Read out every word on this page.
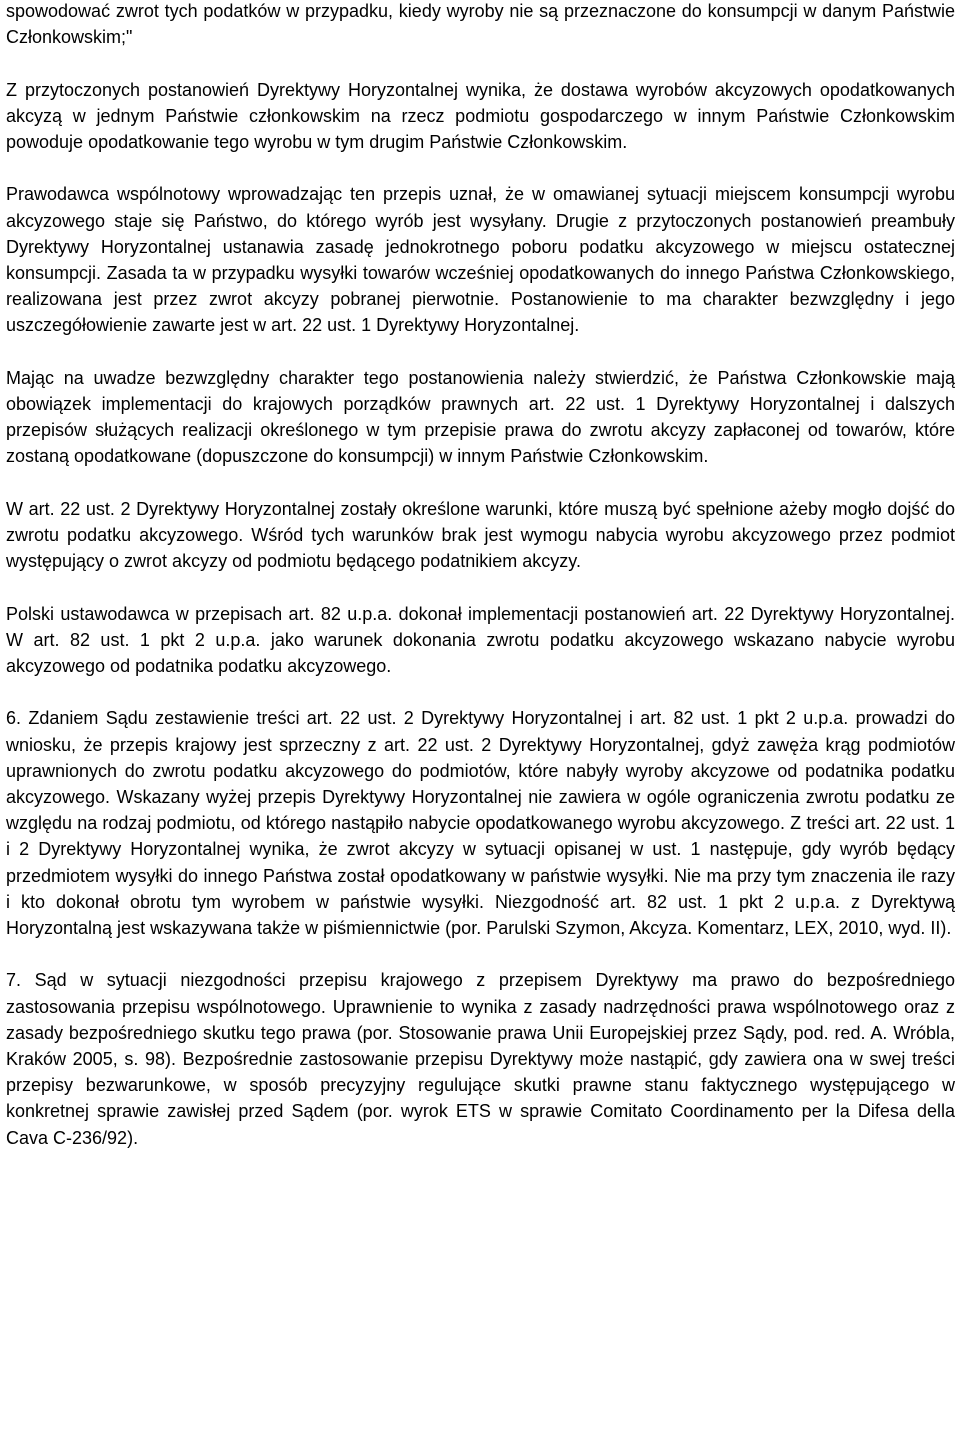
spowodować zwrot tych podatków w przypadku, kiedy wyroby nie są przeznaczone do konsumpcji w danym Państwie Członkowskim;"

Z przytoczonych postanowień Dyrektywy Horyzontalnej wynika, że dostawa wyrobów akcyzowych opodatkowanych akcyzą w jednym Państwie członkowskim na rzecz podmiotu gospodarczego w innym Państwie Członkowskim powoduje opodatkowanie tego wyrobu w tym drugim Państwie Członkowskim.

Prawodawca wspólnotowy wprowadzając ten przepis uznał, że w omawianej sytuacji miejscem konsumpcji wyrobu akcyzowego staje się Państwo, do którego wyrób jest wysyłany. Drugie z przytoczonych postanowień preambuły Dyrektywy Horyzontalnej ustanawia zasadę jednokrotnego poboru podatku akcyzowego w miejscu ostatecznej konsumpcji. Zasada ta w przypadku wysyłki towarów wcześniej opodatkowanych do innego Państwa Członkowskiego, realizowana jest przez zwrot akcyzy pobranej pierwotnie. Postanowienie to ma charakter bezwzględny i jego uszczegółowienie zawarte jest w art. 22 ust. 1 Dyrektywy Horyzontalnej.

Mając na uwadze bezwzględny charakter tego postanowienia należy stwierdzić, że Państwa Członkowskie mają obowiązek implementacji do krajowych porządków prawnych art. 22 ust. 1 Dyrektywy Horyzontalnej i dalszych przepisów służących realizacji określonego w tym przepisie prawa do zwrotu akcyzy zapłaconej od towarów, które zostaną opodatkowane (dopuszczone do konsumpcji) w innym Państwie Członkowskim.

W art. 22 ust. 2 Dyrektywy Horyzontalnej zostały określone warunki, które muszą być spełnione ażeby mogło dojść do zwrotu podatku akcyzowego. Wśród tych warunków brak jest wymogu nabycia wyrobu akcyzowego przez podmiot występujący o zwrot akcyzy od podmiotu będącego podatnikiem akcyzy.

Polski ustawodawca w przepisach art. 82 u.p.a. dokonał implementacji postanowień art. 22 Dyrektywy Horyzontalnej. W art. 82 ust. 1 pkt 2 u.p.a. jako warunek dokonania zwrotu podatku akcyzowego wskazano nabycie wyrobu akcyzowego od podatnika podatku akcyzowego.

6. Zdaniem Sądu zestawienie treści art. 22 ust. 2 Dyrektywy Horyzontalnej i art. 82 ust. 1 pkt 2 u.p.a. prowadzi do wniosku, że przepis krajowy jest sprzeczny z art. 22 ust. 2 Dyrektywy Horyzontalnej, gdyż zawęża krąg podmiotów uprawnionych do zwrotu podatku akcyzowego do podmiotów, które nabyły wyroby akcyzowe od podatnika podatku akcyzowego. Wskazany wyżej przepis Dyrektywy Horyzontalnej nie zawiera w ogóle ograniczenia zwrotu podatku ze względu na rodzaj podmiotu, od którego nastąpiło nabycie opodatkowanego wyrobu akcyzowego. Z treści art. 22 ust. 1 i 2 Dyrektywy Horyzontalnej wynika, że zwrot akcyzy w sytuacji opisanej w ust. 1 następuje, gdy wyrób będący przedmiotem wysyłki do innego Państwa został opodatkowany w państwie wysyłki. Nie ma przy tym znaczenia ile razy i kto dokonał obrotu tym wyrobem w państwie wysyłki. Niezgodność art. 82 ust. 1 pkt 2 u.p.a. z Dyrektywą Horyzontalną jest wskazywana także w piśmiennictwie (por. Parulski Szymon, Akcyza. Komentarz, LEX, 2010, wyd. II).

7. Sąd w sytuacji niezgodności przepisu krajowego z przepisem Dyrektywy ma prawo do bezpośredniego zastosowania przepisu wspólnotowego. Uprawnienie to wynika z zasady nadrzędności prawa wspólnotowego oraz z zasady bezpośredniego skutku tego prawa (por. Stosowanie prawa Unii Europejskiej przez Sądy, pod. red. A. Wróbla, Kraków 2005, s. 98). Bezpośrednie zastosowanie przepisu Dyrektywy może nastąpić, gdy zawiera ona w swej treści przepisy bezwarunkowe, w sposób precyzyjny regulujące skutki prawne stanu faktycznego występującego w konkretnej sprawie zawisłej przed Sądem (por. wyrok ETS w sprawie Comitato Coordinamento per la Difesa della Cava C-236/92).
